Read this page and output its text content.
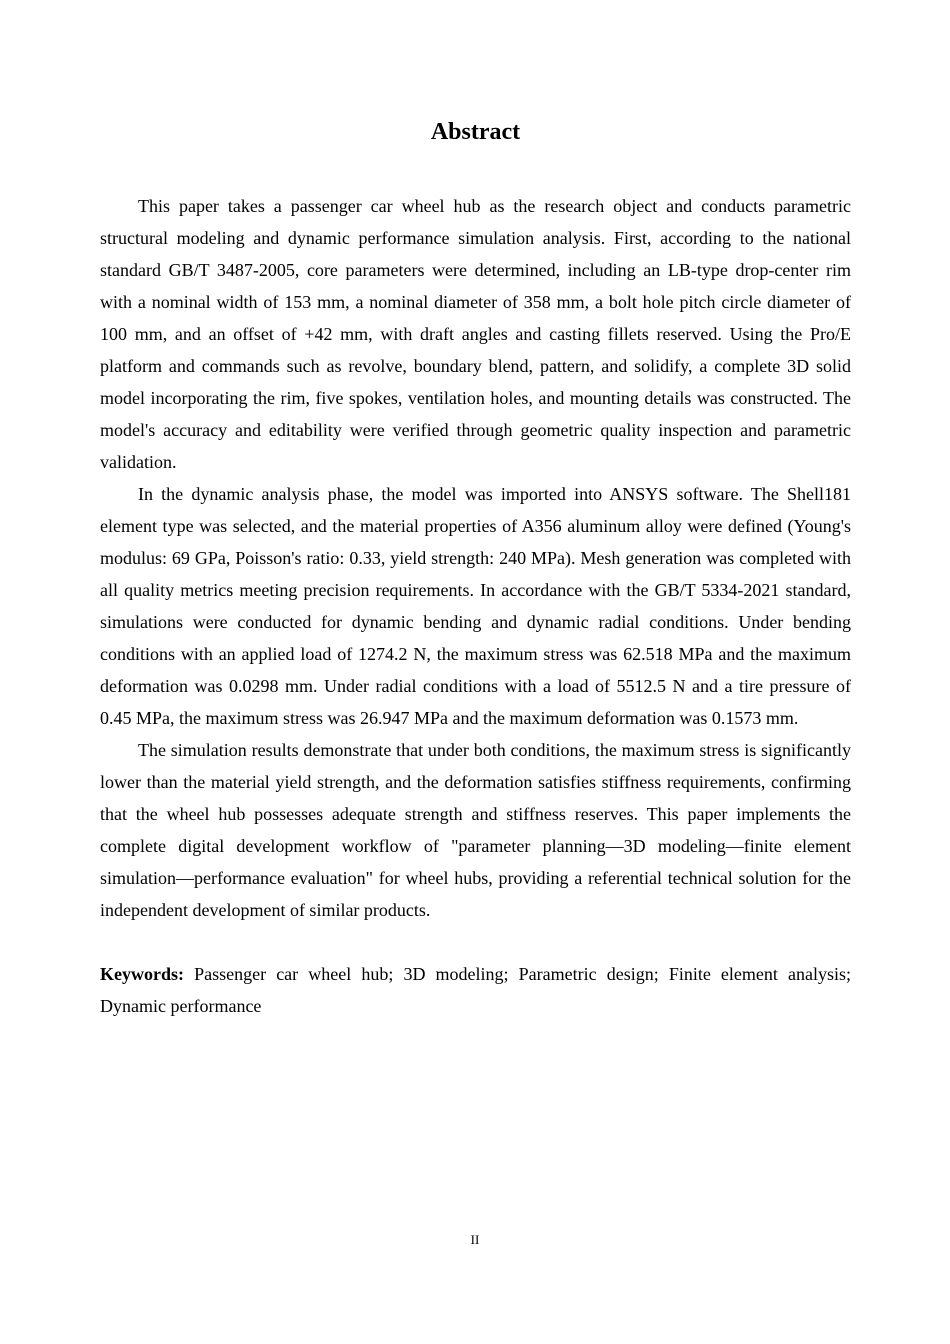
Abstract

This paper takes a passenger car wheel hub as the research object and conducts parametric structural modeling and dynamic performance simulation analysis. First, according to the national standard GB/T 3487-2005, core parameters were determined, including an LB-type drop-center rim with a nominal width of 153 mm, a nominal diameter of 358 mm, a bolt hole pitch circle diameter of 100 mm, and an offset of +42 mm, with draft angles and casting fillets reserved. Using the Pro/E platform and commands such as revolve, boundary blend, pattern, and solidify, a complete 3D solid model incorporating the rim, five spokes, ventilation holes, and mounting details was constructed. The model's accuracy and editability were verified through geometric quality inspection and parametric validation.

In the dynamic analysis phase, the model was imported into ANSYS software. The Shell181 element type was selected, and the material properties of A356 aluminum alloy were defined (Young's modulus: 69 GPa, Poisson's ratio: 0.33, yield strength: 240 MPa). Mesh generation was completed with all quality metrics meeting precision requirements. In accordance with the GB/T 5334-2021 standard, simulations were conducted for dynamic bending and dynamic radial conditions. Under bending conditions with an applied load of 1274.2 N, the maximum stress was 62.518 MPa and the maximum deformation was 0.0298 mm. Under radial conditions with a load of 5512.5 N and a tire pressure of 0.45 MPa, the maximum stress was 26.947 MPa and the maximum deformation was 0.1573 mm.

The simulation results demonstrate that under both conditions, the maximum stress is significantly lower than the material yield strength, and the deformation satisfies stiffness requirements, confirming that the wheel hub possesses adequate strength and stiffness reserves. This paper implements the complete digital development workflow of "parameter planning—3D modeling—finite element simulation—performance evaluation" for wheel hubs, providing a referential technical solution for the independent development of similar products.

Keywords: Passenger car wheel hub; 3D modeling; Parametric design; Finite element analysis; Dynamic performance

II
